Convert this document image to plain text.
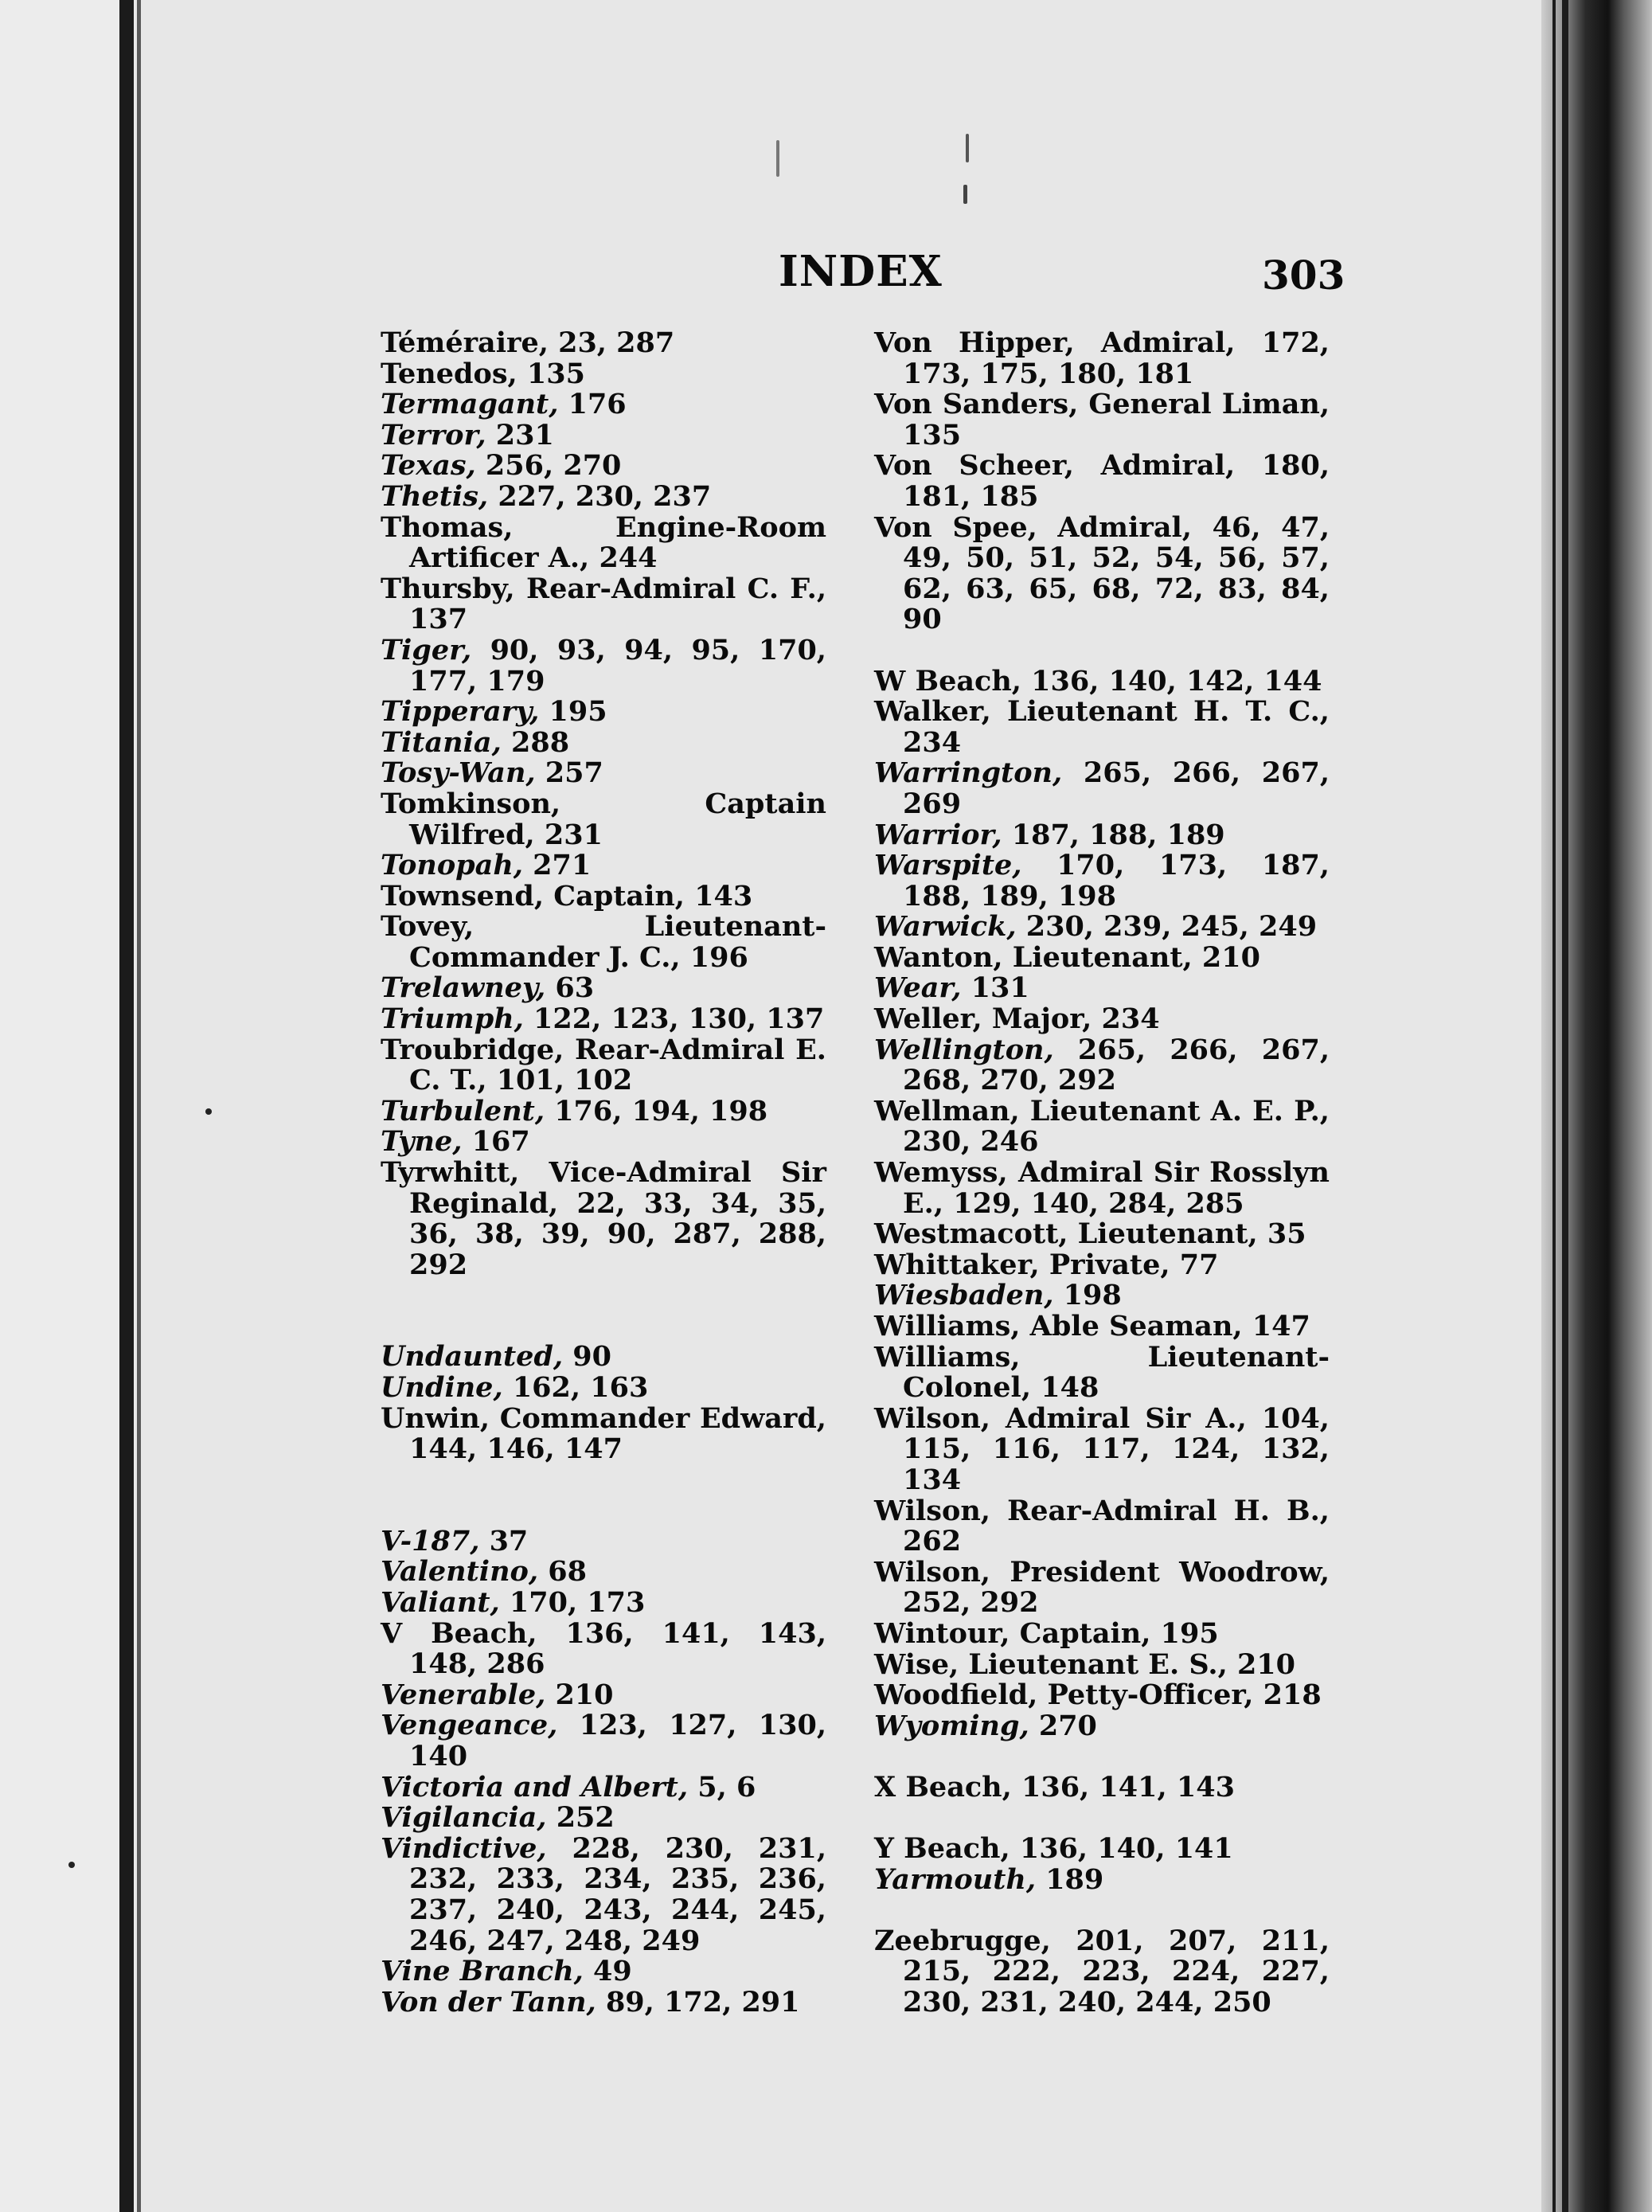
INDEX	303
Téméraire, 23, 287
Tenedos, 135
Termagant, 176
Terror, 231
Texas, 256, 270
Thetis, 227, 230, 237
Thomas, Engine-Room Artificer A., 244
Thursby, Rear-Admiral C. F., 137
Tiger, 90, 93, 94, 95, 170, 177, 179
Tipperary, 195
Titania, 288
Tosy-Wan, 257
Tomkinson, Captain Wilfred, 231
Tonopah, 271
Townsend, Captain, 143
Tovey, Lieutenant-Commander J. C., 196
Trelawney, 63
Triumph, 122, 123, 130, 137
Troubridge, Rear-Admiral E. C. T., 101, 102
Turbulent, 176, 194, 198
Tyne, 167
Tyrwhitt, Vice-Admiral Sir Reginald, 22, 33, 34, 35, 36, 38, 39, 90, 287, 288, 292
Undaunted, 90
Undine, 162, 163
Unwin, Commander Edward, 144, 146, 147
V-187, 37
Valentino, 68
Valiant, 170, 173
V Beach, 136, 141, 143, 148, 286
Venerable, 210
Vengeance, 123, 127, 130, 140
Victoria and Albert, 5, 6
Vigilancia, 252
Vindictive, 228, 230, 231, 232, 233, 234, 235, 236, 237, 240, 243, 244, 245, 246, 247, 248, 249
Vine Branch, 49
Von der Tann, 89, 172, 291
Von Hipper, Admiral, 172, 173, 175, 180, 181
Von Sanders, General Liman, 135
Von Scheer, Admiral, 180, 181, 185
Von Spee, Admiral, 46, 47, 49, 50, 51, 52, 54, 56, 57, 62, 63, 65, 68, 72, 83, 84, 90
W Beach, 136, 140, 142, 144
Walker, Lieutenant H. T. C., 234
Warrington, 265, 266, 267, 269
Warrior, 187, 188, 189
Warspite, 170, 173, 187, 188, 189, 198
Warwick, 230, 239, 245, 249
Wanton, Lieutenant, 210
Wear, 131
Weller, Major, 234
Wellington, 265, 266, 267, 268, 270, 292
Wellman, Lieutenant A. E. P., 230, 246
Wemyss, Admiral Sir Rosslyn E., 129, 140, 284, 285
Westmacott, Lieutenant, 35
Whittaker, Private, 77
Wiesbaden, 198
Williams, Able Seaman, 147
Williams, Lieutenant-Colonel, 148
Wilson, Admiral Sir A., 104, 115, 116, 117, 124, 132, 134
Wilson, Rear-Admiral H. B., 262
Wilson, President Woodrow, 252, 292
Wintour, Captain, 195
Wise, Lieutenant E. S., 210
Woodfield, Petty-Officer, 218
Wyoming, 270
X Beach, 136, 141, 143
Y Beach, 136, 140, 141
Yarmouth, 189
Zeebrugge, 201, 207, 211, 215, 222, 223, 224, 227, 230, 231, 240, 244, 250
